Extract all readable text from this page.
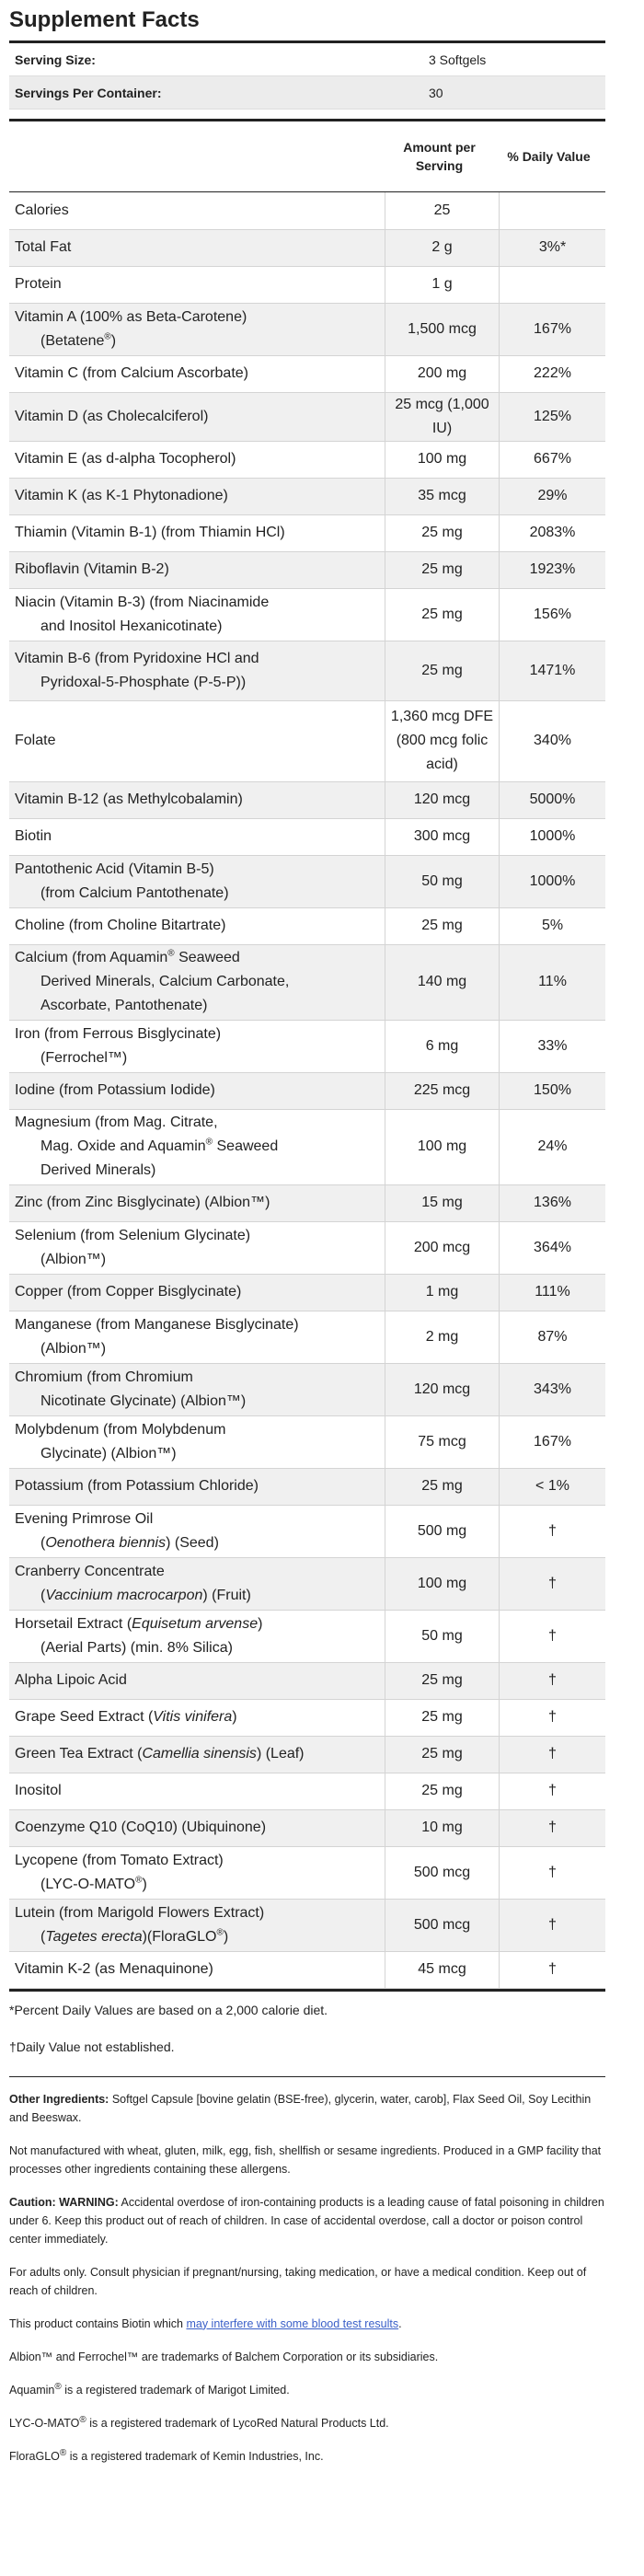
Supplement Facts
Serving Size:	3 Softgels
Servings Per Container:	30
Amount per Serving
% Daily Value
Calories	25	
Total Fat	2 g	3%*
Protein	1 g	
Vitamin A (100% as Beta-Carotene)
(Betatene®)	1,500 mcg	167%
Vitamin C (from Calcium Ascorbate)	200 mg	222%
Vitamin D (as Cholecalciferol)	25 mcg (1,000 IU)	125%
Vitamin E (as d-alpha Tocopherol)	100 mg	667%
Vitamin K (as K-1 Phytonadione)	35 mcg	29%
Thiamin (Vitamin B-1) (from Thiamin HCl)	25 mg	2083%
Riboflavin (Vitamin B-2)	25 mg	1923%
Niacin (Vitamin B-3) (from Niacinamide
and Inositol Hexanicotinate)	25 mg	156%
Vitamin B-6 (from Pyridoxine HCl and
Pyridoxal-5-Phosphate (P-5-P))	25 mg	1471%
Folate	1,360 mcg DFE (800 mcg folic acid)	340%
Vitamin B-12 (as Methylcobalamin)	120 mcg	5000%
Biotin	300 mcg	1000%
Pantothenic Acid (Vitamin B-5)
(from Calcium Pantothenate)	50 mg	1000%
Choline (from Choline Bitartrate)	25 mg	5%
Calcium (from Aquamin® Seaweed
Derived Minerals, Calcium Carbonate,
Ascorbate, Pantothenate)	140 mg	11%
Iron (from Ferrous Bisglycinate)
(Ferrochel™)	6 mg	33%
Iodine (from Potassium Iodide)	225 mcg	150%
Magnesium (from Mag. Citrate,
Mag. Oxide and Aquamin® Seaweed
Derived Minerals)	100 mg	24%
Zinc (from Zinc Bisglycinate) (Albion™)	15 mg	136%
Selenium (from Selenium Glycinate)
(Albion™)	200 mcg	364%
Copper (from Copper Bisglycinate)	1 mg	111%
Manganese (from Manganese Bisglycinate)
(Albion™)	2 mg	87%
Chromium (from Chromium
Nicotinate Glycinate) (Albion™)	120 mcg	343%
Molybdenum (from Molybdenum
Glycinate) (Albion™)	75 mcg	167%
Potassium (from Potassium Chloride)	25 mg	< 1%
Evening Primrose Oil
(Oenothera biennis) (Seed)	500 mg	†
Cranberry Concentrate
(Vaccinium macrocarpon) (Fruit)	100 mg	†
Horsetail Extract (Equisetum arvense)
(Aerial Parts) (min. 8% Silica)	50 mg	†
Alpha Lipoic Acid	25 mg	†
Grape Seed Extract (Vitis vinifera)	25 mg	†
Green Tea Extract (Camellia sinensis) (Leaf)	25 mg	†
Inositol	25 mg	†
Coenzyme Q10 (CoQ10) (Ubiquinone)	10 mg	†
Lycopene (from Tomato Extract)
(LYC-O-MATO®)	500 mcg	†
Lutein (from Marigold Flowers Extract)
(Tagetes erecta)(FloraGLO®)	500 mcg	†
Vitamin K-2 (as Menaquinone)	45 mcg	†

*Percent Daily Values are based on a 2,000 calorie diet.

†Daily Value not established.

Other Ingredients: Softgel Capsule [bovine gelatin (BSE-free), glycerin, water, carob], Flax Seed Oil, Soy Lecithin and Beeswax.

Not manufactured with wheat, gluten, milk, egg, fish, shellfish or sesame ingredients. Produced in a GMP facility that processes other ingredients containing these allergens.

Caution: WARNING: Accidental overdose of iron-containing products is a leading cause of fatal poisoning in children under 6. Keep this product out of reach of children. In case of accidental overdose, call a doctor or poison control center immediately.

For adults only. Consult physician if pregnant/nursing, taking medication, or have a medical condition. Keep out of reach of children.

This product contains Biotin which may interfere with some blood test results.

Albion™ and Ferrochel™ are trademarks of Balchem Corporation or its subsidiaries.

Aquamin® is a registered trademark of Marigot Limited.

LYC-O-MATO® is a registered trademark of LycoRed Natural Products Ltd.

FloraGLO® is a registered trademark of Kemin Industries, Inc.
